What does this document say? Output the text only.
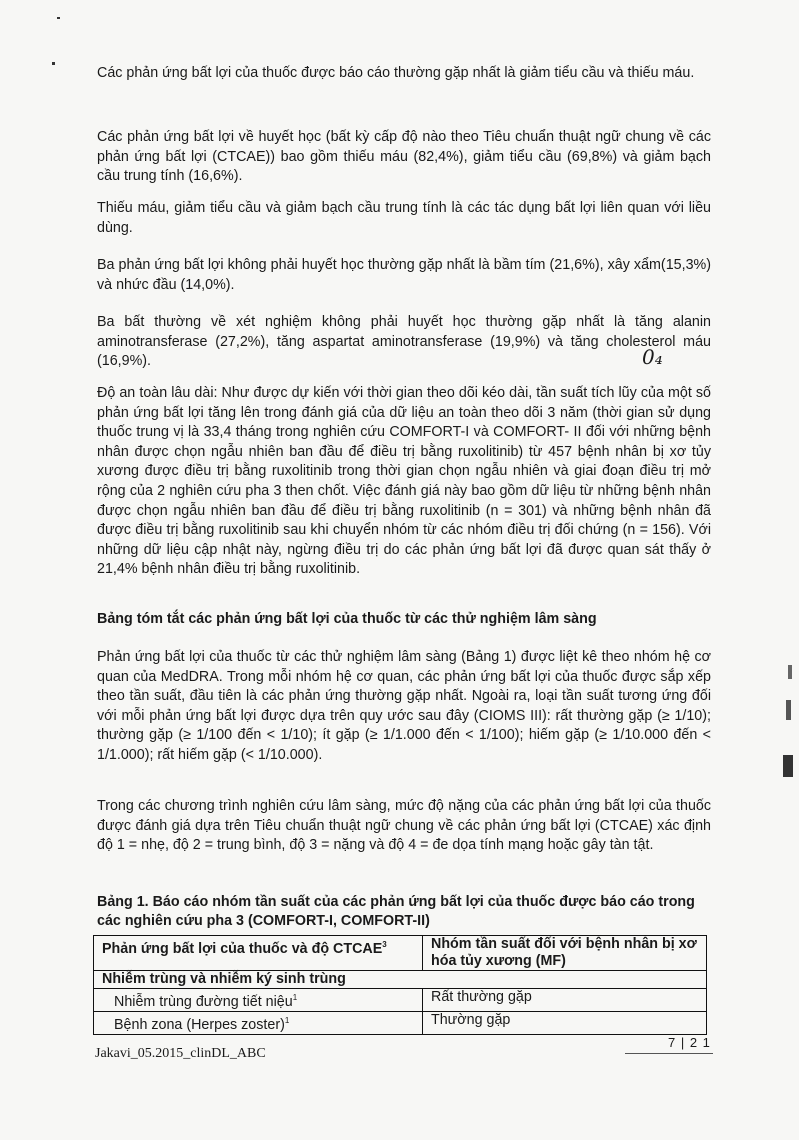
Các phản ứng bất lợi của thuốc được báo cáo thường gặp nhất là giảm tiểu cầu và thiếu máu.

Các phản ứng bất lợi về huyết học (bất kỳ cấp độ nào theo Tiêu chuẩn thuật ngữ chung về các phản ứng bất lợi (CTCAE)) bao gồm thiếu máu (82,4%), giảm tiểu cầu (69,8%) và giảm bạch cầu trung tính (16,6%).

Thiếu máu, giảm tiểu cầu và giảm bạch cầu trung tính là các tác dụng bất lợi liên quan với liều dùng.

Ba phản ứng bất lợi không phải huyết học thường gặp nhất là bầm tím (21,6%), xây xẩm(15,3%) và nhức đầu (14,0%).

Ba bất thường về xét nghiệm không phải huyết học thường gặp nhất là tăng alanin aminotransferase (27,2%), tăng aspartat aminotransferase (19,9%) và tăng cholesterol máu (16,9%).

Độ an toàn lâu dài: Như được dự kiến với thời gian theo dõi kéo dài, tần suất tích lũy của một số phản ứng bất lợi tăng lên trong đánh giá của dữ liệu an toàn theo dõi 3 năm (thời gian sử dụng thuốc trung vị là 33,4 tháng trong nghiên cứu COMFORT-I và COMFORT- II đối với những bệnh nhân được chọn ngẫu nhiên ban đầu để điều trị bằng ruxolitinib) từ 457 bệnh nhân bị xơ tủy xương được điều trị bằng ruxolitinib trong thời gian chọn ngẫu nhiên và giai đoạn điều trị mở rộng của 2 nghiên cứu pha 3 then chốt. Việc đánh giá này bao gồm dữ liệu từ những bệnh nhân được chọn ngẫu nhiên ban đầu để điều trị bằng ruxolitinib (n = 301) và những bệnh nhân đã được điều trị bằng ruxolitinib sau khi chuyển nhóm từ các nhóm điều trị đối chứng (n = 156). Với những dữ liệu cập nhật này, ngừng điều trị do các phản ứng bất lợi đã được quan sát thấy ở 21,4% bệnh nhân điều trị bằng ruxolitinib.

Bảng tóm tắt các phản ứng bất lợi của thuốc từ các thử nghiệm lâm sàng

Phản ứng bất lợi của thuốc từ các thử nghiệm lâm sàng (Bảng 1) được liệt kê theo nhóm hệ cơ quan của MedDRA. Trong mỗi nhóm hệ cơ quan, các phản ứng bất lợi của thuốc được sắp xếp theo tần suất, đầu tiên là các phản ứng thường gặp nhất. Ngoài ra, loại tần suất tương ứng đối với mỗi phản ứng bất lợi được dựa trên quy ước sau đây (CIOMS III): rất thường gặp (≥ 1/10); thường gặp (≥ 1/100 đến < 1/10); ít gặp (≥ 1/1.000 đến < 1/100); hiếm gặp (≥ 1/10.000 đến < 1/1.000); rất hiếm gặp (< 1/10.000).

Trong các chương trình nghiên cứu lâm sàng, mức độ nặng của các phản ứng bất lợi của thuốc được đánh giá dựa trên Tiêu chuẩn thuật ngữ chung về các phản ứng bất lợi (CTCAE) xác định độ 1 = nhẹ, độ 2 = trung bình, độ 3 = nặng và độ 4 = đe dọa tính mạng hoặc gây tàn tật.

Bảng 1. Báo cáo nhóm tần suất của các phản ứng bất lợi của thuốc được báo cáo trong các nghiên cứu pha 3 (COMFORT-I, COMFORT-II)

Phản ứng bất lợi của thuốc và độ CTCAE$^3$	Nhóm tần suất đối với bệnh nhân bị xơ hóa tủy xương (MF)
Nhiễm trùng và nhiễm ký sinh trùng	
Nhiễm trùng đường tiết niệu$^1$	Rất thường gặp
Bệnh zona (Herpes zoster)$^1$	Thường gặp
0₄
7 | 2 1
Jakavi_05.2015_clinDL_ABC
